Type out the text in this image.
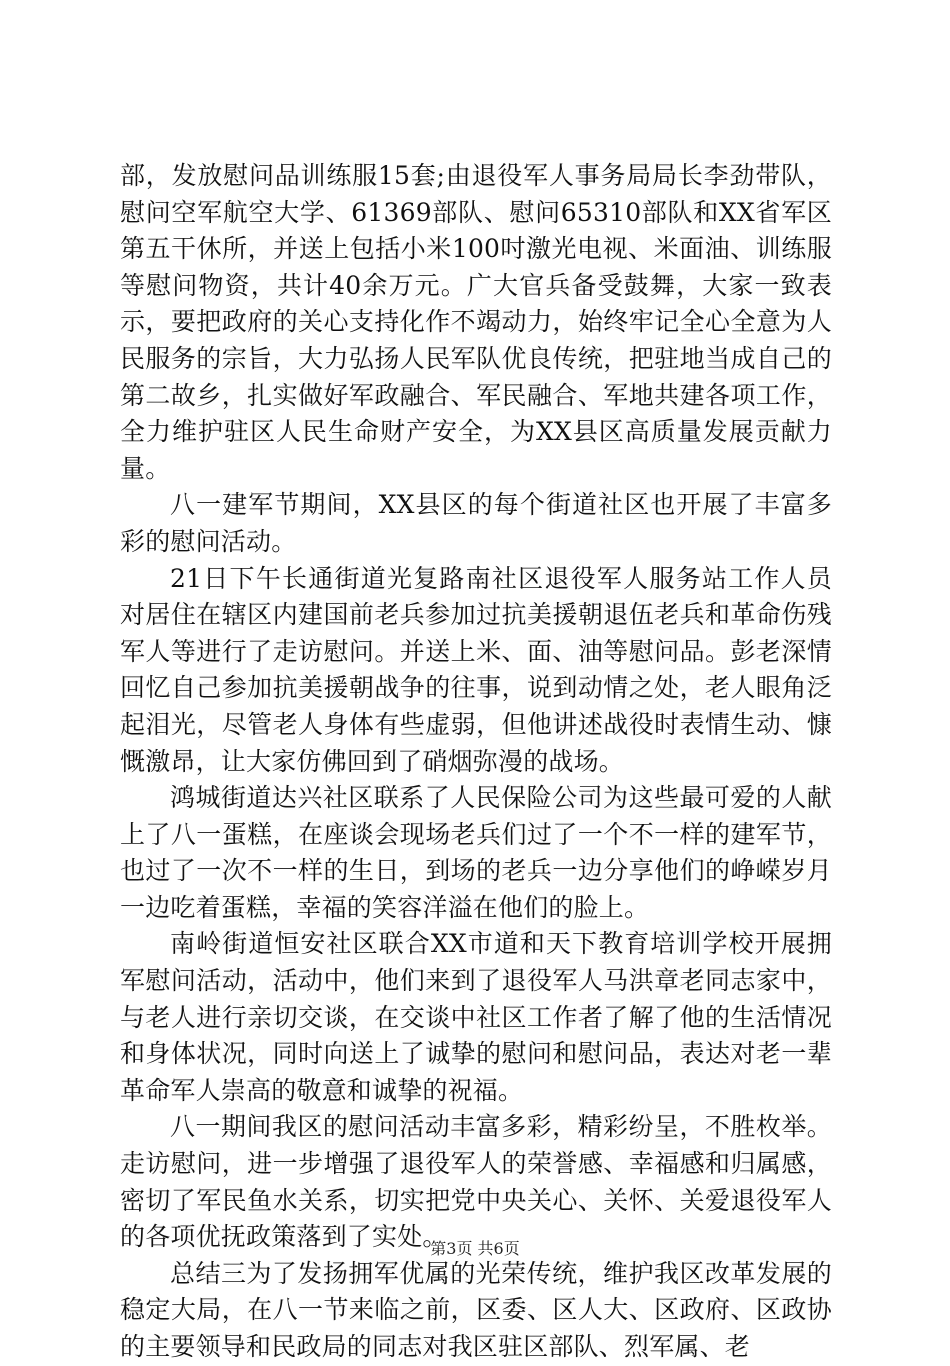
部，发放慰问品训练服15套;由退役军人事务局局长李劲带队，慰问空军航空大学、61369部队、慰问65310部队和XX省军区第五干休所，并送上包括小米100吋激光电视、米面油、训练服等慰问物资，共计40余万元。广大官兵备受鼓舞，大家一致表示，要把政府的关心支持化作不竭动力，始终牢记全心全意为人民服务的宗旨，大力弘扬人民军队优良传统，把驻地当成自己的第二故乡，扎实做好军政融合、军民融合、军地共建各项工作，全力维护驻区人民生命财产安全，为XX县区高质量发展贡献力量。

八一建军节期间，XX县区的每个街道社区也开展了丰富多彩的慰问活动。

21日下午长通街道光复路南社区退役军人服务站工作人员对居住在辖区内建国前老兵参加过抗美援朝退伍老兵和革命伤残军人等进行了走访慰问。并送上米、面、油等慰问品。彭老深情回忆自己参加抗美援朝战争的往事，说到动情之处，老人眼角泛起泪光，尽管老人身体有些虚弱，但他讲述战役时表情生动、慷慨激昂，让大家仿佛回到了硝烟弥漫的战场。

鸿城街道达兴社区联系了人民保险公司为这些最可爱的人献上了八一蛋糕，在座谈会现场老兵们过了一个不一样的建军节，也过了一次不一样的生日，到场的老兵一边分享他们的峥嵘岁月一边吃着蛋糕，幸福的笑容洋溢在他们的脸上。

南岭街道恒安社区联合XX市道和天下教育培训学校开展拥军慰问活动，活动中，他们来到了退役军人马洪章老同志家中，与老人进行亲切交谈，在交谈中社区工作者了解了他的生活情况和身体状况，同时向送上了诚挚的慰问和慰问品，表达对老一辈革命军人崇高的敬意和诚挚的祝福。

八一期间我区的慰问活动丰富多彩，精彩纷呈，不胜枚举。走访慰问，进一步增强了退役军人的荣誉感、幸福感和归属感，密切了军民鱼水关系，切实把党中央关心、关怀、关爱退役军人的各项优抚政策落到了实处。

总结三为了发扬拥军优属的光荣传统，维护我区改革发展的稳定大局，在八一节来临之前，区委、区人大、区政府、区政协的主要领导和民政局的同志对我区驻区部队、烈军属、老

第3页 共6页
